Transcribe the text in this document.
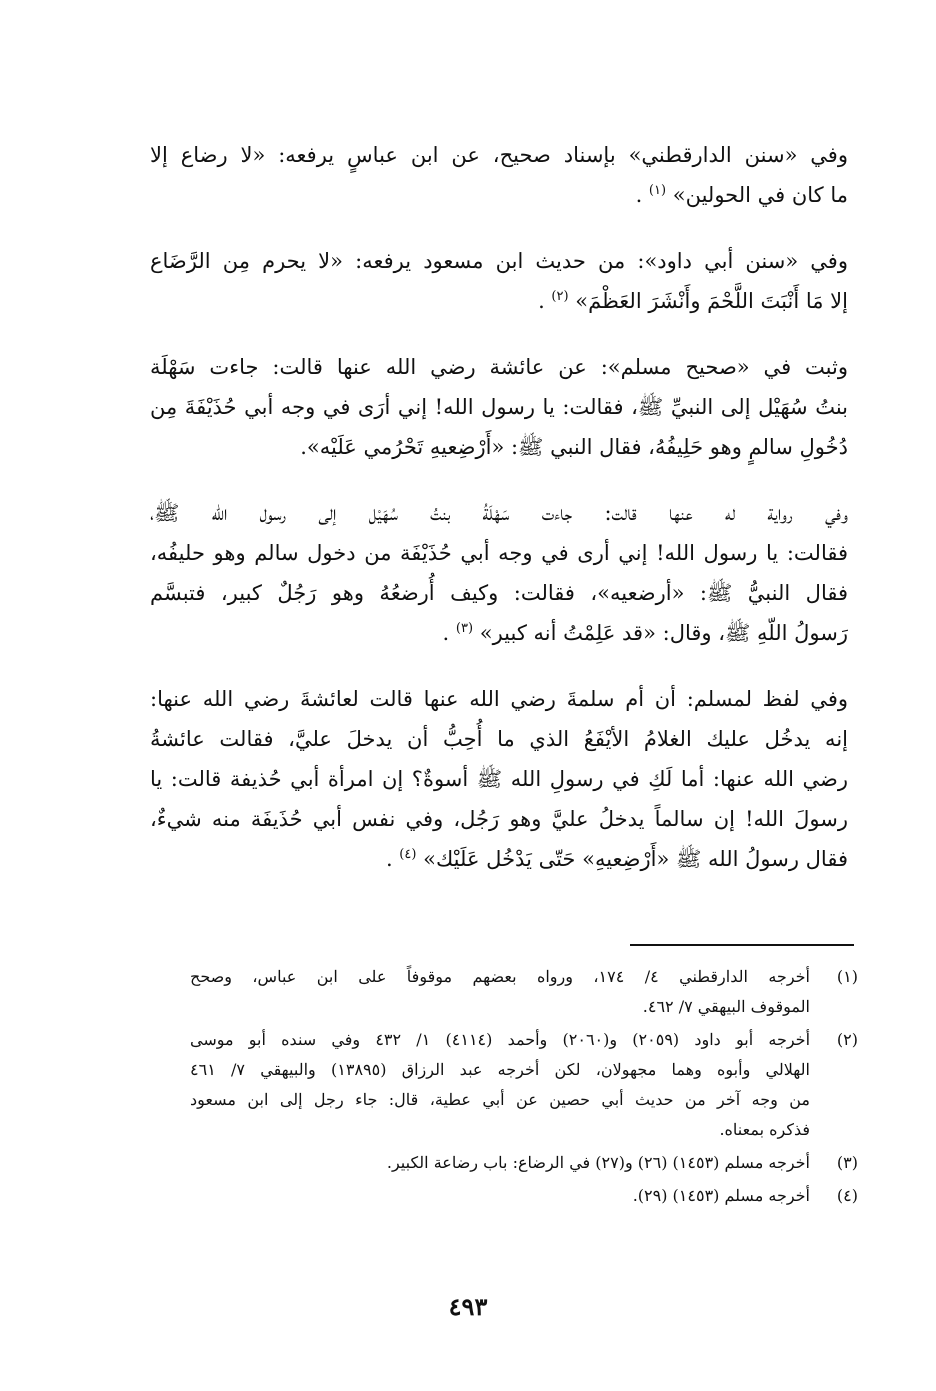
وفي «سنن الدارقطني» بإسناد صحيح، عن ابن عباسٍ يرفعه: «لا رضاع إلا
ما كان في الحولين» $^{(١)}$ .
وفي «سنن أبي داود»: من حديث ابن مسعود يرفعه: «لا يحرم مِن الرَّضَاع
إلا مَا أَنْبَتَ اللَّحْمَ وأَنْشَرَ العَظْمَ» $^{(٢)}$ .
وثبت في «صحيح مسلم»: عن عائشة رضي الله عنها قالت: جاءت سَهْلَة
بنتُ سُهَيْل إلى النبيِّ ﷺ، فقالت: يا رسول الله! إني أرَى في وجه أبي حُذَيْفَةَ مِن
دُخُولِ سالمٍ وهو حَلِيفُهُ، فقال النبي ﷺ: «أَرْضِعيهِ تَحْرُمي عَلَيْه».
وفي رواية له عنها قالت: جاءت سَهْلَةُ بنتُ سُهَيْل إلى رسول الله ﷺ،
فقالت: يا رسول الله! إني أرى في وجه أبي حُذَيْفَة من دخول سالم وهو حليفُه،
فقال النبيُّ ﷺ: «أرضعيه»، فقالت: وكيف أُرضعُهُ وهو رَجُلٌ كبير، فتبسَّم
رَسولُ اللّهِ ﷺ، وقال: «قد عَلِمْتُ أنه كبير» $^{(٣)}$ .
وفي لفظ لمسلم: أن أم سلمةَ رضي الله عنها قالت لعائشةَ رضي الله عنها:
إنه يدخُل عليك الغلامُ الأيْفَعُ الذي ما أُحِبُّ أن يدخلَ عليَّ، فقالت عائشةُ
رضي الله عنها: أما لَكِ في رسولِ الله ﷺ أسوةٌ؟ إن امرأة أبي حُذيفة قالت: يا
رسولَ الله! إن سالماً يدخلُ عليَّ وهو رَجُل، وفي نفس أبي حُذَيفَة منه شيءٌ،
فقال رسولُ الله ﷺ «أَرْضِعيهِ» حَتّى يَدْخُل عَلَيْك» $^{(٤)}$ .
(١)
أخرجه الدارقطني ٤/ ١٧٤، ورواه بعضهم موقوفاً على ابن عباس، وصحح
الموقوف البيهقي ٧/ ٤٦٢.
(٢)
أخرجه أبو داود (٢٠٥٩) و(٢٠٦٠) وأحمد (٤١١٤) ١/ ٤٣٢ وفي سنده أبو موسى
الهلالي وأبوه وهما مجهولان، لكن أخرجه عبد الرزاق (١٣٨٩٥) والبيهقي ٧/ ٤٦١
من وجه آخر من حديث أبي حصين عن أبي عطية، قال: جاء رجل إلى ابن مسعود
فذكره بمعناه.
(٣)
أخرجه مسلم (١٤٥٣) (٢٦) و(٢٧) في الرضاع: باب رضاعة الكبير.
(٤)
أخرجه مسلم (١٤٥٣) (٢٩).
٤٩٣
